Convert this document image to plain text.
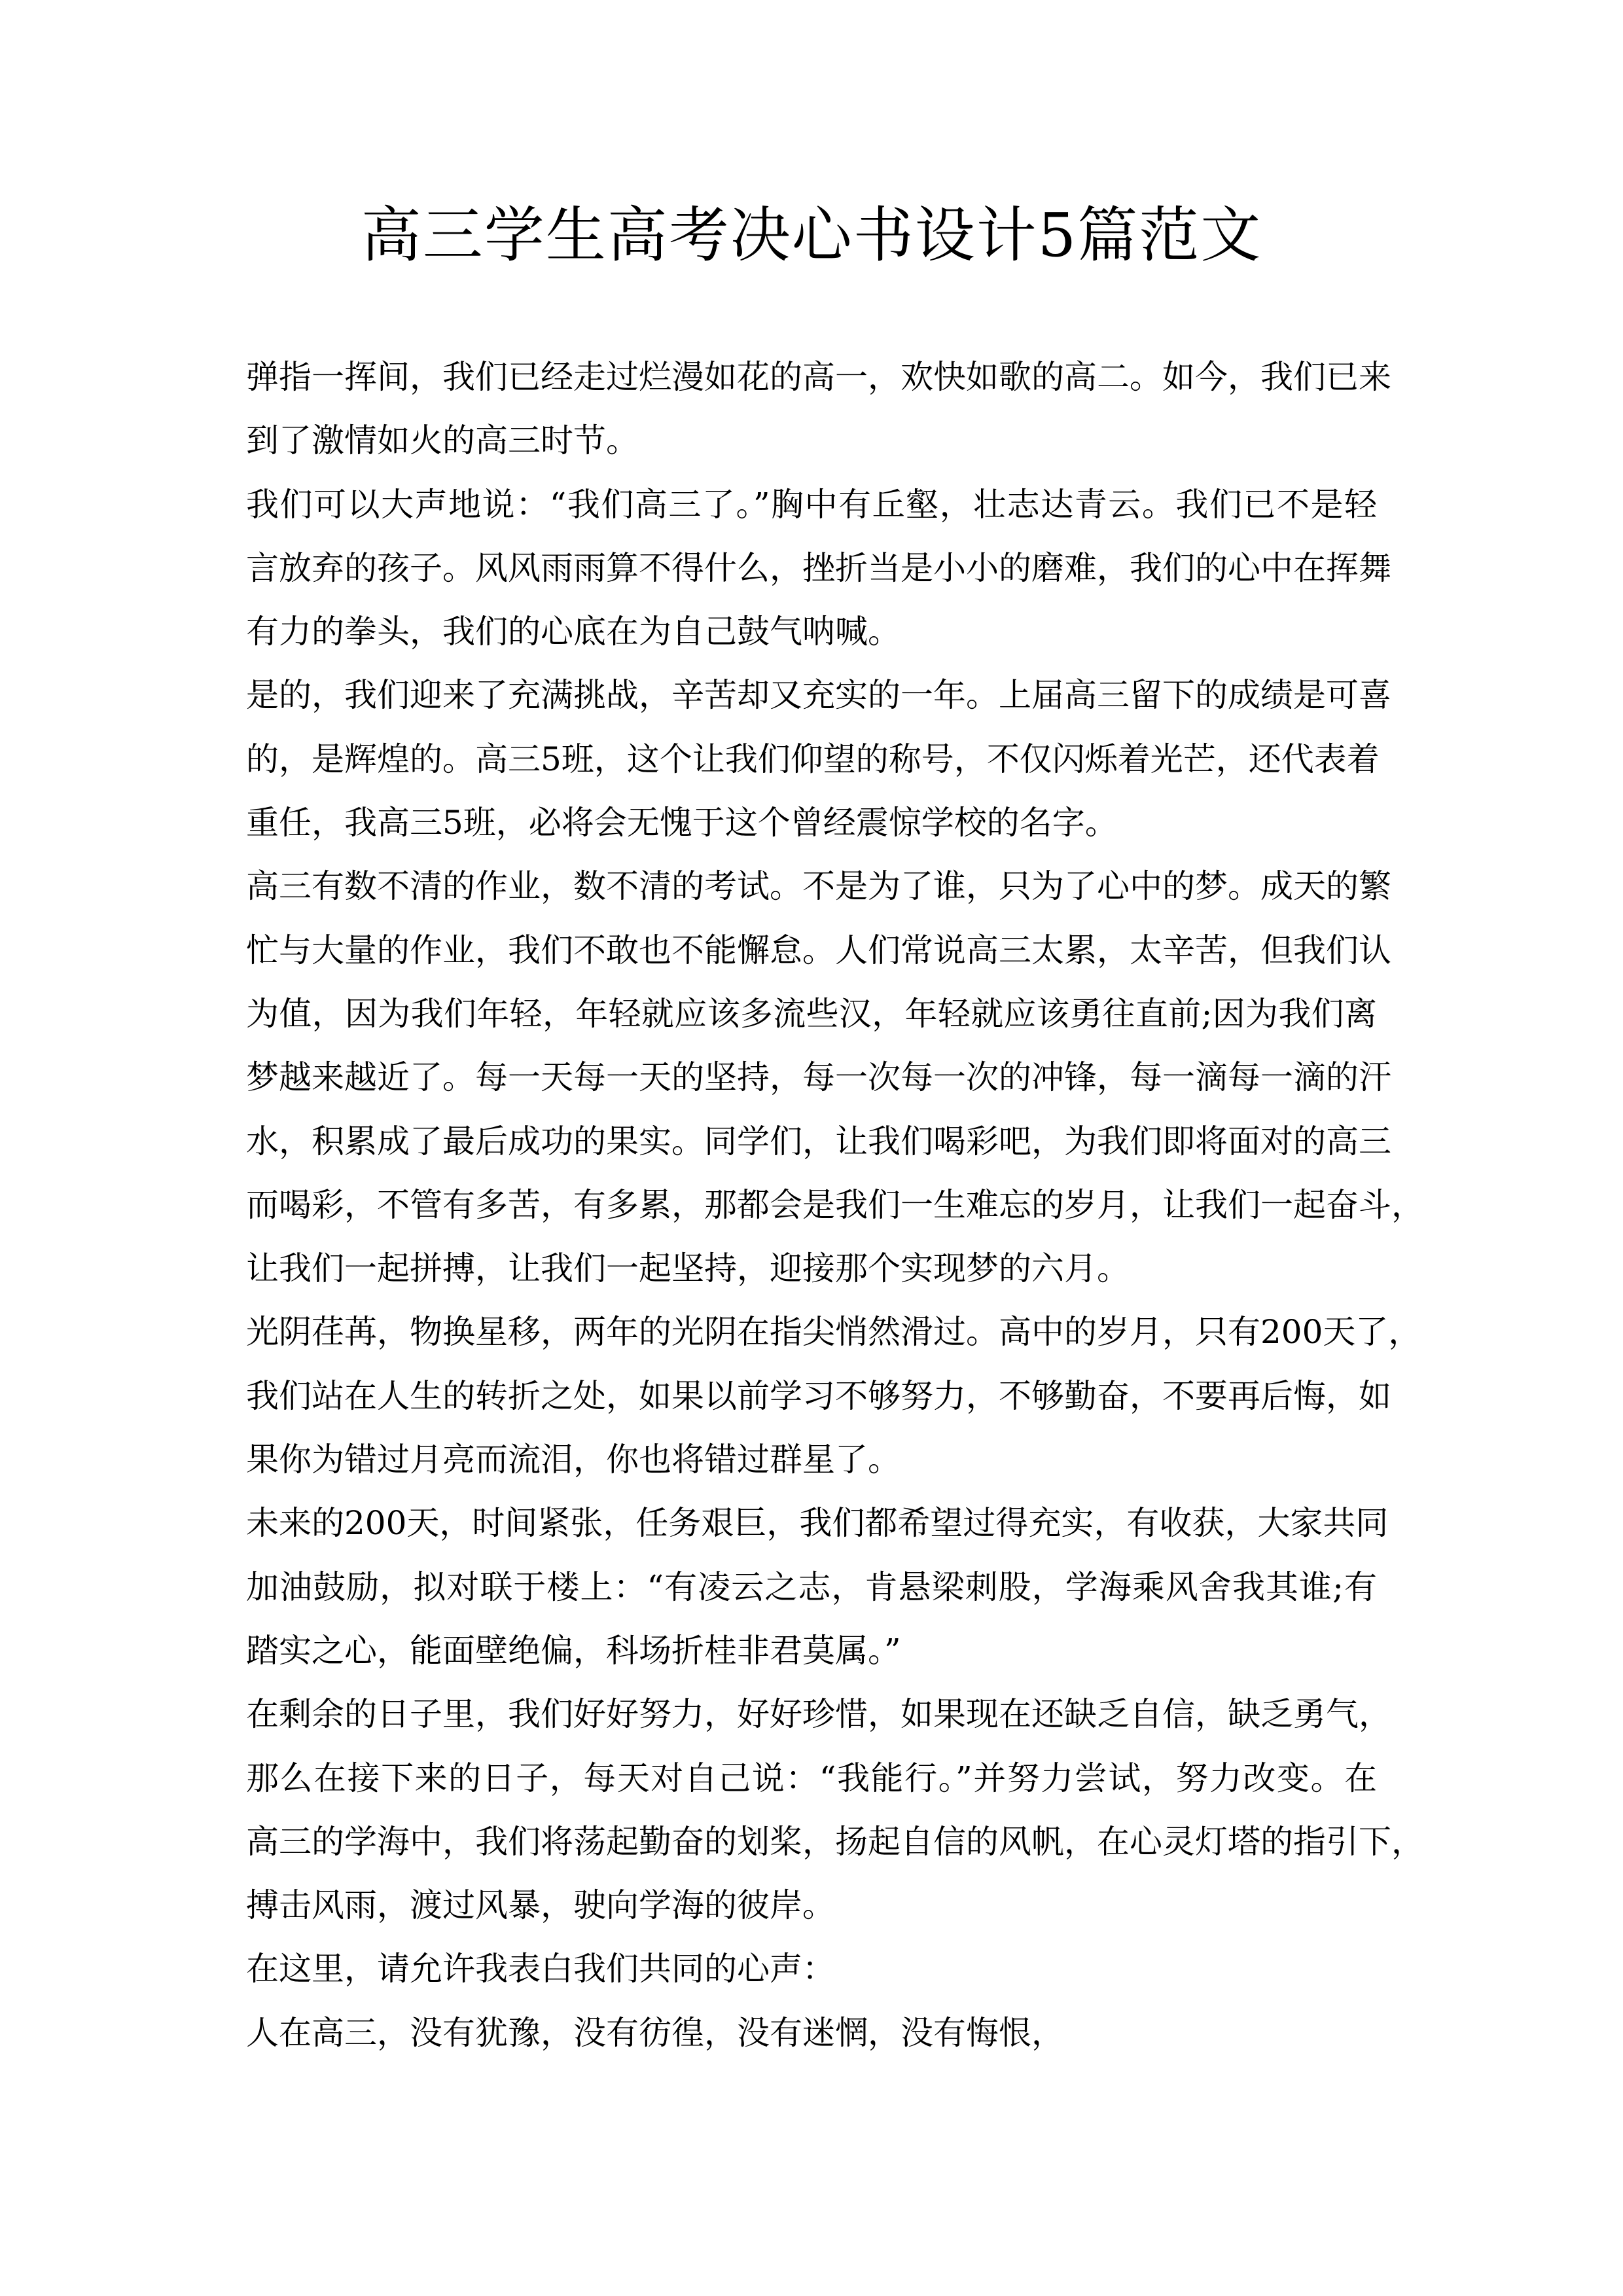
高三学生高考决心书设计5篇范文
弹指一挥间，我们已经走过烂漫如花的高一，欢快如歌的高二。如今，我们已来
到了激情如火的高三时节。
我们可以大声地说：“我们高三了。”胸中有丘壑，壮志达青云。我们已不是轻
言放弃的孩子。风风雨雨算不得什么，挫折当是小小的磨难，我们的心中在挥舞
有力的拳头，我们的心底在为自己鼓气呐喊。
是的，我们迎来了充满挑战，辛苦却又充实的一年。上届高三留下的成绩是可喜
的，是辉煌的。高三5班，这个让我们仰望的称号，不仅闪烁着光芒，还代表着
重任，我高三5班，必将会无愧于这个曾经震惊学校的名字。
高三有数不清的作业，数不清的考试。不是为了谁，只为了心中的梦。成天的繁
忙与大量的作业，我们不敢也不能懈怠。人们常说高三太累，太辛苦，但我们认
为值，因为我们年轻，年轻就应该多流些汉，年轻就应该勇往直前;因为我们离
梦越来越近了。每一天每一天的坚持，每一次每一次的冲锋，每一滴每一滴的汗
水，积累成了最后成功的果实。同学们，让我们喝彩吧，为我们即将面对的高三
而喝彩，不管有多苦，有多累，那都会是我们一生难忘的岁月，让我们一起奋斗，
让我们一起拼搏，让我们一起坚持，迎接那个实现梦的六月。
光阴荏苒，物换星移，两年的光阴在指尖悄然滑过。高中的岁月，只有200天了，
我们站在人生的转折之处，如果以前学习不够努力，不够勤奋，不要再后悔，如
果你为错过月亮而流泪，你也将错过群星了。
未来的200天，时间紧张，任务艰巨，我们都希望过得充实，有收获，大家共同
加油鼓励，拟对联于楼上：“有凌云之志，肯悬梁刺股，学海乘风舍我其谁;有
踏实之心，能面壁绝偏，科场折桂非君莫属。”
在剩余的日子里，我们好好努力，好好珍惜，如果现在还缺乏自信，缺乏勇气，
那么在接下来的日子，每天对自己说：“我能行。”并努力尝试，努力改变。在
高三的学海中，我们将荡起勤奋的划桨，扬起自信的风帆，在心灵灯塔的指引下，
搏击风雨，渡过风暴，驶向学海的彼岸。
在这里，请允许我表白我们共同的心声：
人在高三，没有犹豫，没有彷徨，没有迷惘，没有悔恨，
